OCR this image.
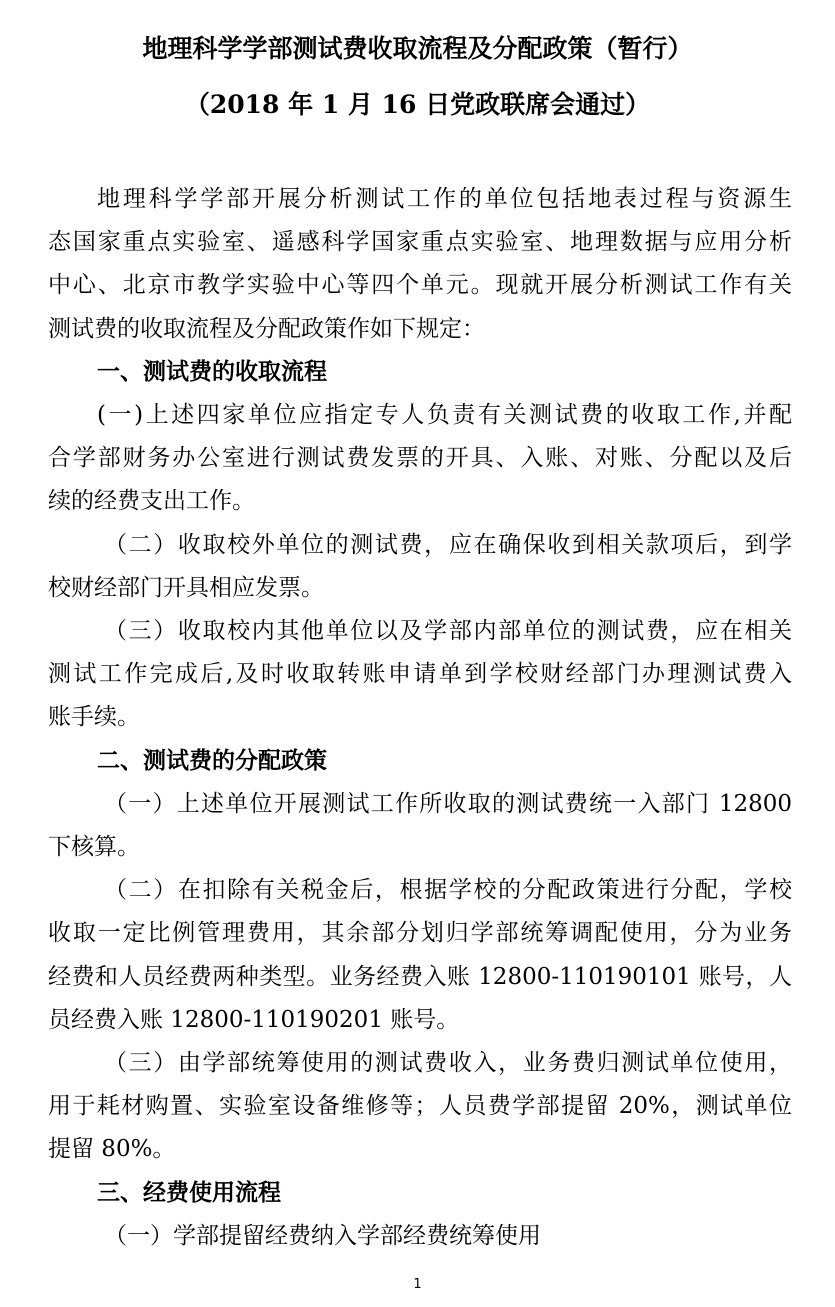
地理科学学部测试费收取流程及分配政策（暂行）
（2018 年 1 月 16 日党政联席会通过）
地理科学学部开展分析测试工作的单位包括地表过程与资源生
态国家重点实验室、遥感科学国家重点实验室、地理数据与应用分析
中心、北京市教学实验中心等四个单元。现就开展分析测试工作有关
测试费的收取流程及分配政策作如下规定：
一、测试费的收取流程
(一)上述四家单位应指定专人负责有关测试费的收取工作,并配
合学部财务办公室进行测试费发票的开具、入账、对账、分配以及后
续的经费支出工作。
（二）收取校外单位的测试费，应在确保收到相关款项后，到学
校财经部门开具相应发票。
（三）收取校内其他单位以及学部内部单位的测试费，应在相关
测试工作完成后,及时收取转账申请单到学校财经部门办理测试费入
账手续。
二、测试费的分配政策
（一）上述单位开展测试工作所收取的测试费统一入部门 12800
下核算。
（二）在扣除有关税金后，根据学校的分配政策进行分配，学校
收取一定比例管理费用，其余部分划归学部统筹调配使用，分为业务
经费和人员经费两种类型。业务经费入账 12800-110190101 账号，人
员经费入账 12800-110190201 账号。
（三）由学部统筹使用的测试费收入，业务费归测试单位使用，
用于耗材购置、实验室设备维修等；人员费学部提留 20%，测试单位
提留 80%。
三、经费使用流程
（一）学部提留经费纳入学部经费统筹使用
1
